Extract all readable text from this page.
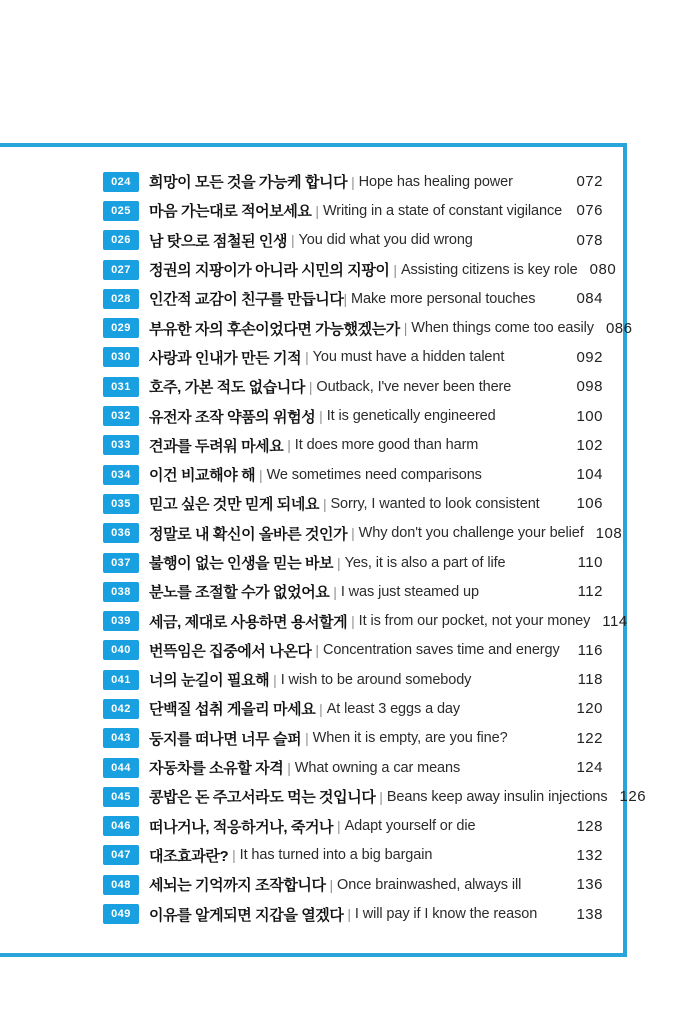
024	희망이 모든 것을 가능케 합니다 | Hope has healing power	072
025	마음 가는대로 적어보세요 | Writing in a state of constant vigilance 076
026	남 탓으로 점철된 인생 | You did what you did wrong	078
027	정권의 지팡이가 아니라 시민의 지팡이 | Assisting citizens is key role 080
028	인간적 교감이 친구를 만듭니다 | Make more personal touches	084
029	부유한 자의 후손이었다면 가능했겠는가 | When things come too easily 086
030	사랑과 인내가 만든 기적 | You must have a hidden talent	092
031	호주, 가본 적도 없습니다 | Outback, I've never been there	098
032	유전자 조작 약품의 위험성 | It is genetically engineered	100
033	견과를 두려워 마세요 | It does more good than harm	102
034	이건 비교해야 해 | We sometimes need comparisons	104
035	믿고 싶은 것만 믿게 되네요 | Sorry, I wanted to look consistent	106
036	정말로 내 확신이 올바른 것인가 | Why don't you challenge your belief 108
037	불행이 없는 인생을 믿는 바보 | Yes, it is also a part of life	110
038	분노를 조절할 수가 없었어요 | I was just steamed up	112
039	세금, 제대로 사용하면 용서할게 | It is from our pocket, not your money 114
040	번뜩임은 집중에서 나온다 | Concentration saves time and energy	116
041	너의 눈길이 필요해 | I wish to be around somebody	118
042	단백질 섭취 게을리 마세요 | At least 3 eggs a day	120
043	둥지를 떠나면 너무 슬퍼 | When it is empty, are you fine?	122
044	자동차를 소유할 자격 | What owning a car means	124
045	콩밥은 돈 주고서라도 먹는 것입니다 | Beans keep away insulin injections 126
046	떠나거나, 적응하거나, 죽거나 | Adapt yourself or die	128
047	대조효과란? | It has turned into a big bargain	132
048	세뇌는 기억까지 조작합니다 | Once brainwashed, always ill	136
049	이유를 알게되면 지갑을 열겠다 | I will pay if I know the reason	138
